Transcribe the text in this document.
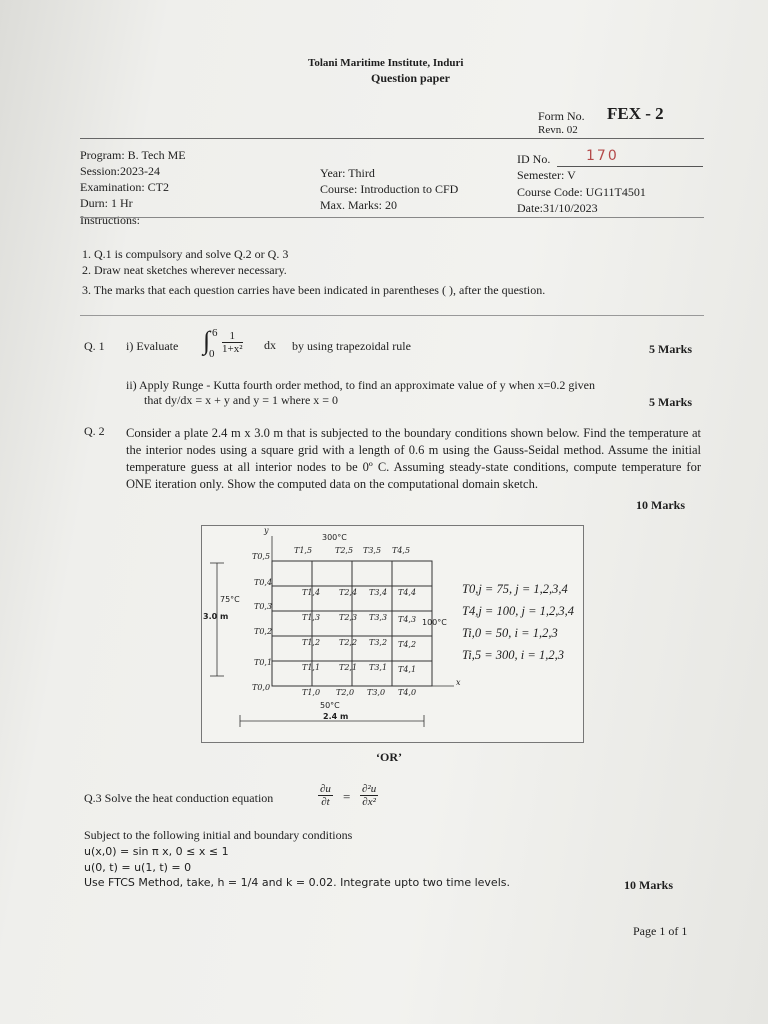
Tolani Maritime Institute, Induri
Question paper
Form No. FEX - 2
Revn. 02
Program: B. Tech ME
Session:2023-24
Examination: CT2
Durn: 1 Hr
Instructions:
Year: Third
Course: Introduction to CFD
Max. Marks: 20
ID No.	170
Semester: V
Course Code: UG11T4501
Date:31/10/2023
1. Q.1 is compulsory and solve Q.2 or Q. 3
2. Draw neat sketches wherever necessary.
3. The marks that each question carries have been indicated in parentheses ( ), after the question.
Q. 1 i) Evaluate ∫ 6
$0 \frac{1}{\text{1+x²}}$ dx by using trapezoidal rule	5 Marks
ii) Apply Runge - Kutta fourth order method, to find an approximate value of y when x=0.2 given
that dy/dx = x + y and y = 1 where x = 0	5 Marks
Q. 2 Consider a plate 2.4 m x 3.0 m that is subjected to the boundary conditions shown below. Find the temperature at the interior nodes using a square grid with a length of 0.6 m using the Gauss-Seidal method. Assume the initial temperature guess at all interior nodes to be 0º C. Assuming steady-state conditions, compute temperature for ONE iteration only. Show the computed data on the computational domain sketch.
10 Marks
y
x
300°C
75°C
100°C
50°C
3.0 m
2.4 m
T1,5	T2,5 T3,5 T4,5
T0,5
T0,4
T0,3
T0,2
T0,1
T0,0
T1,0 T2,0 T3,0 T4,0
T4,4
T4,3
T4,2
T4,1
T1,4 T2,4 T3,4
T1,3 T2,3 T3,3
T1,2 T2,2 T3,2
T1,1 T2,1 T3,1
T0,j = 75, j = 1,2,3,4
T4,j = 100, j = 1,2,3,4
Ti,0 = 50, i = 1,2,3
Ti,5 = 300, i = 1,2,3
‘OR’
Q.3 Solve the heat conduction equation	$\frac{\partial u}{\partial t} = \frac{\text{∂²u}}{\text{∂x²}}$
Subject to the following initial and boundary conditions
u(x,0) = sin π x, 0 ≤ x ≤ 1
u(0, t) = u(1, t) = 0
Use FTCS Method, take, h = 1/4 and k = 0.02. Integrate upto two time levels.	10 Marks
Page 1 of 1
